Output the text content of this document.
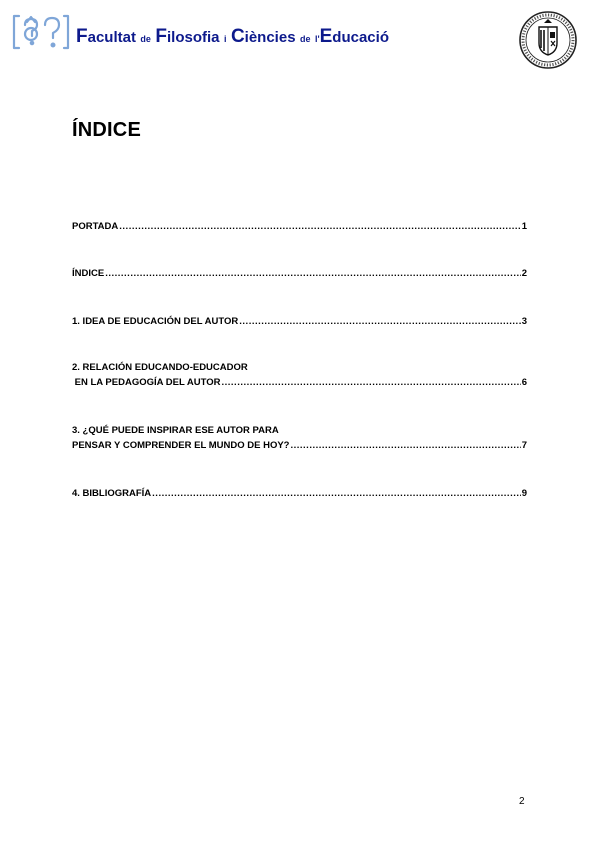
Facultat de Filosofia i Ciències de l'Educació
ÍNDICE
PORTADA .....	1
ÍNDICE .....	2
1. IDEA DE EDUCACIÓN DEL AUTOR .....	3
2. RELACIÓN EDUCANDO-EDUCADOR
EN LA PEDAGOGÍA DEL AUTOR .....	6
3. ¿QUÉ PUEDE INSPIRAR ESE AUTOR PARA
PENSAR Y COMPRENDER EL MUNDO DE HOY? .....	7
4. BIBLIOGRAFÍA .....	9
2
